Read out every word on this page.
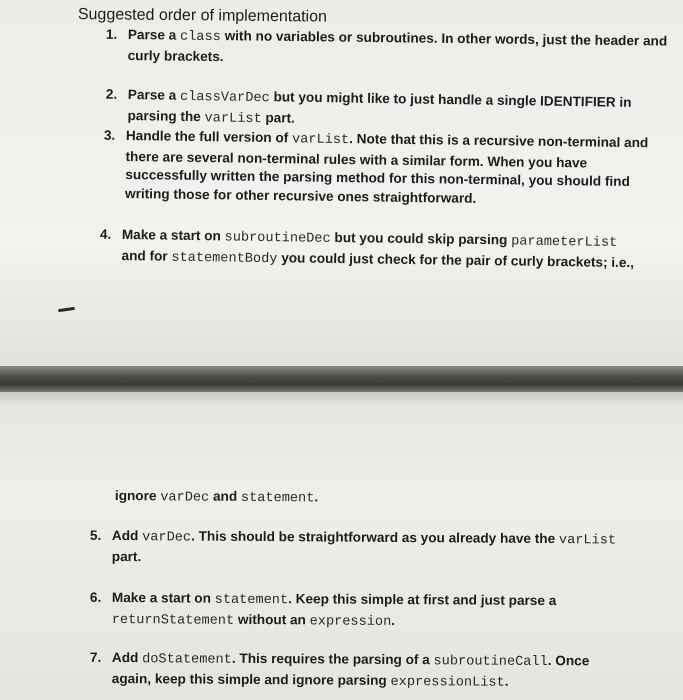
Suggested order of implementation
1. Parse a class with no variables or subroutines. In other words, just the header and
curly brackets.
2. Parse a classVarDec but you might like to just handle a single IDENTIFIER in
parsing the varList part.
3. Handle the full version of varList. Note that this is a recursive non-terminal and
there are several non-terminal rules with a similar form. When you have
successfully written the parsing method for this non-terminal, you should find
writing those for other recursive ones straightforward.
4. Make a start on subroutineDec but you could skip parsing parameterList
and for statementBody you could just check for the pair of curly brackets; i.e.,
ignore varDec and statement.
5. Add varDec. This should be straightforward as you already have the varList
part.
6. Make a start on statement. Keep this simple at first and just parse a
returnStatement without an expression.
7. Add doStatement. This requires the parsing of a subroutineCall. Once
again, keep this simple and ignore parsing expressionList.
